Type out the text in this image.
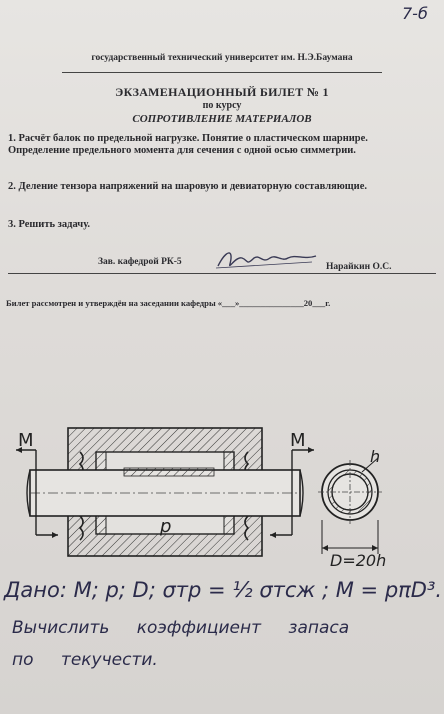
7-б
государственный технический университет им. Н.Э.Баумана
ЭКЗАМЕНАЦИОННЫЙ БИЛЕТ № 1
по курсу
СОПРОТИВЛЕНИЕ МАТЕРИАЛОВ
1. Расчёт балок по предельной нагрузке. Понятие о пластическом шарнире. Определение предельного момента для сечения с одной осью симметрии.
2. Деление тензора напряжений на шаровую и девиаторную составляющие.
3. Решить задачу.
Зав. кафедрой РК-5	Нарайкин О.С.
Билет рассмотрен и утверждён на заседании кафедры «___»_______________20___г.
M	M
p
h
D=20h
Дано: M; p; D; σтр = ½ σтсж ; M = pπD³.
Вычислить коэффициент запаса
по текучести.
